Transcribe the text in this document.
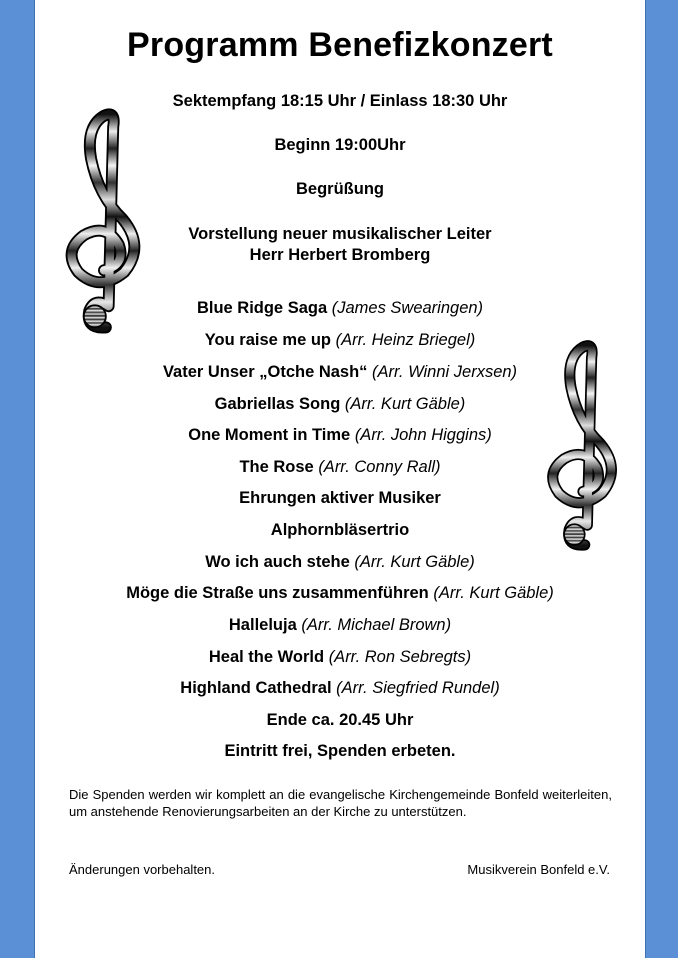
Programm Benefizkonzert
Sektempfang 18:15 Uhr / Einlass 18:30 Uhr
Beginn 19:00Uhr
Begrüßung
Vorstellung neuer musikalischer Leiter
Herr Herbert Bromberg
Blue Ridge Saga (James Swearingen)
You raise me up (Arr. Heinz Briegel)
Vater Unser „Otche Nash“ (Arr. Winni Jerxsen)
Gabriellas Song (Arr. Kurt Gäble)
One Moment in Time (Arr. John Higgins)
The Rose (Arr. Conny Rall)
Ehrungen aktiver Musiker
Alphornbläsertrio
Wo ich auch stehe (Arr. Kurt Gäble)
Möge die Straße uns zusammenführen (Arr. Kurt Gäble)
Halleluja (Arr. Michael Brown)
Heal the World (Arr. Ron Sebregts)
Highland Cathedral (Arr. Siegfried Rundel)
Ende ca. 20.45 Uhr
Eintritt frei, Spenden erbeten.
Die Spenden werden wir komplett an die evangelische Kirchengemeinde Bonfeld weiterleiten, um anstehende Renovierungsarbeiten an der Kirche zu unterstützen.
Änderungen vorbehalten.	Musikverein Bonfeld e.V.
